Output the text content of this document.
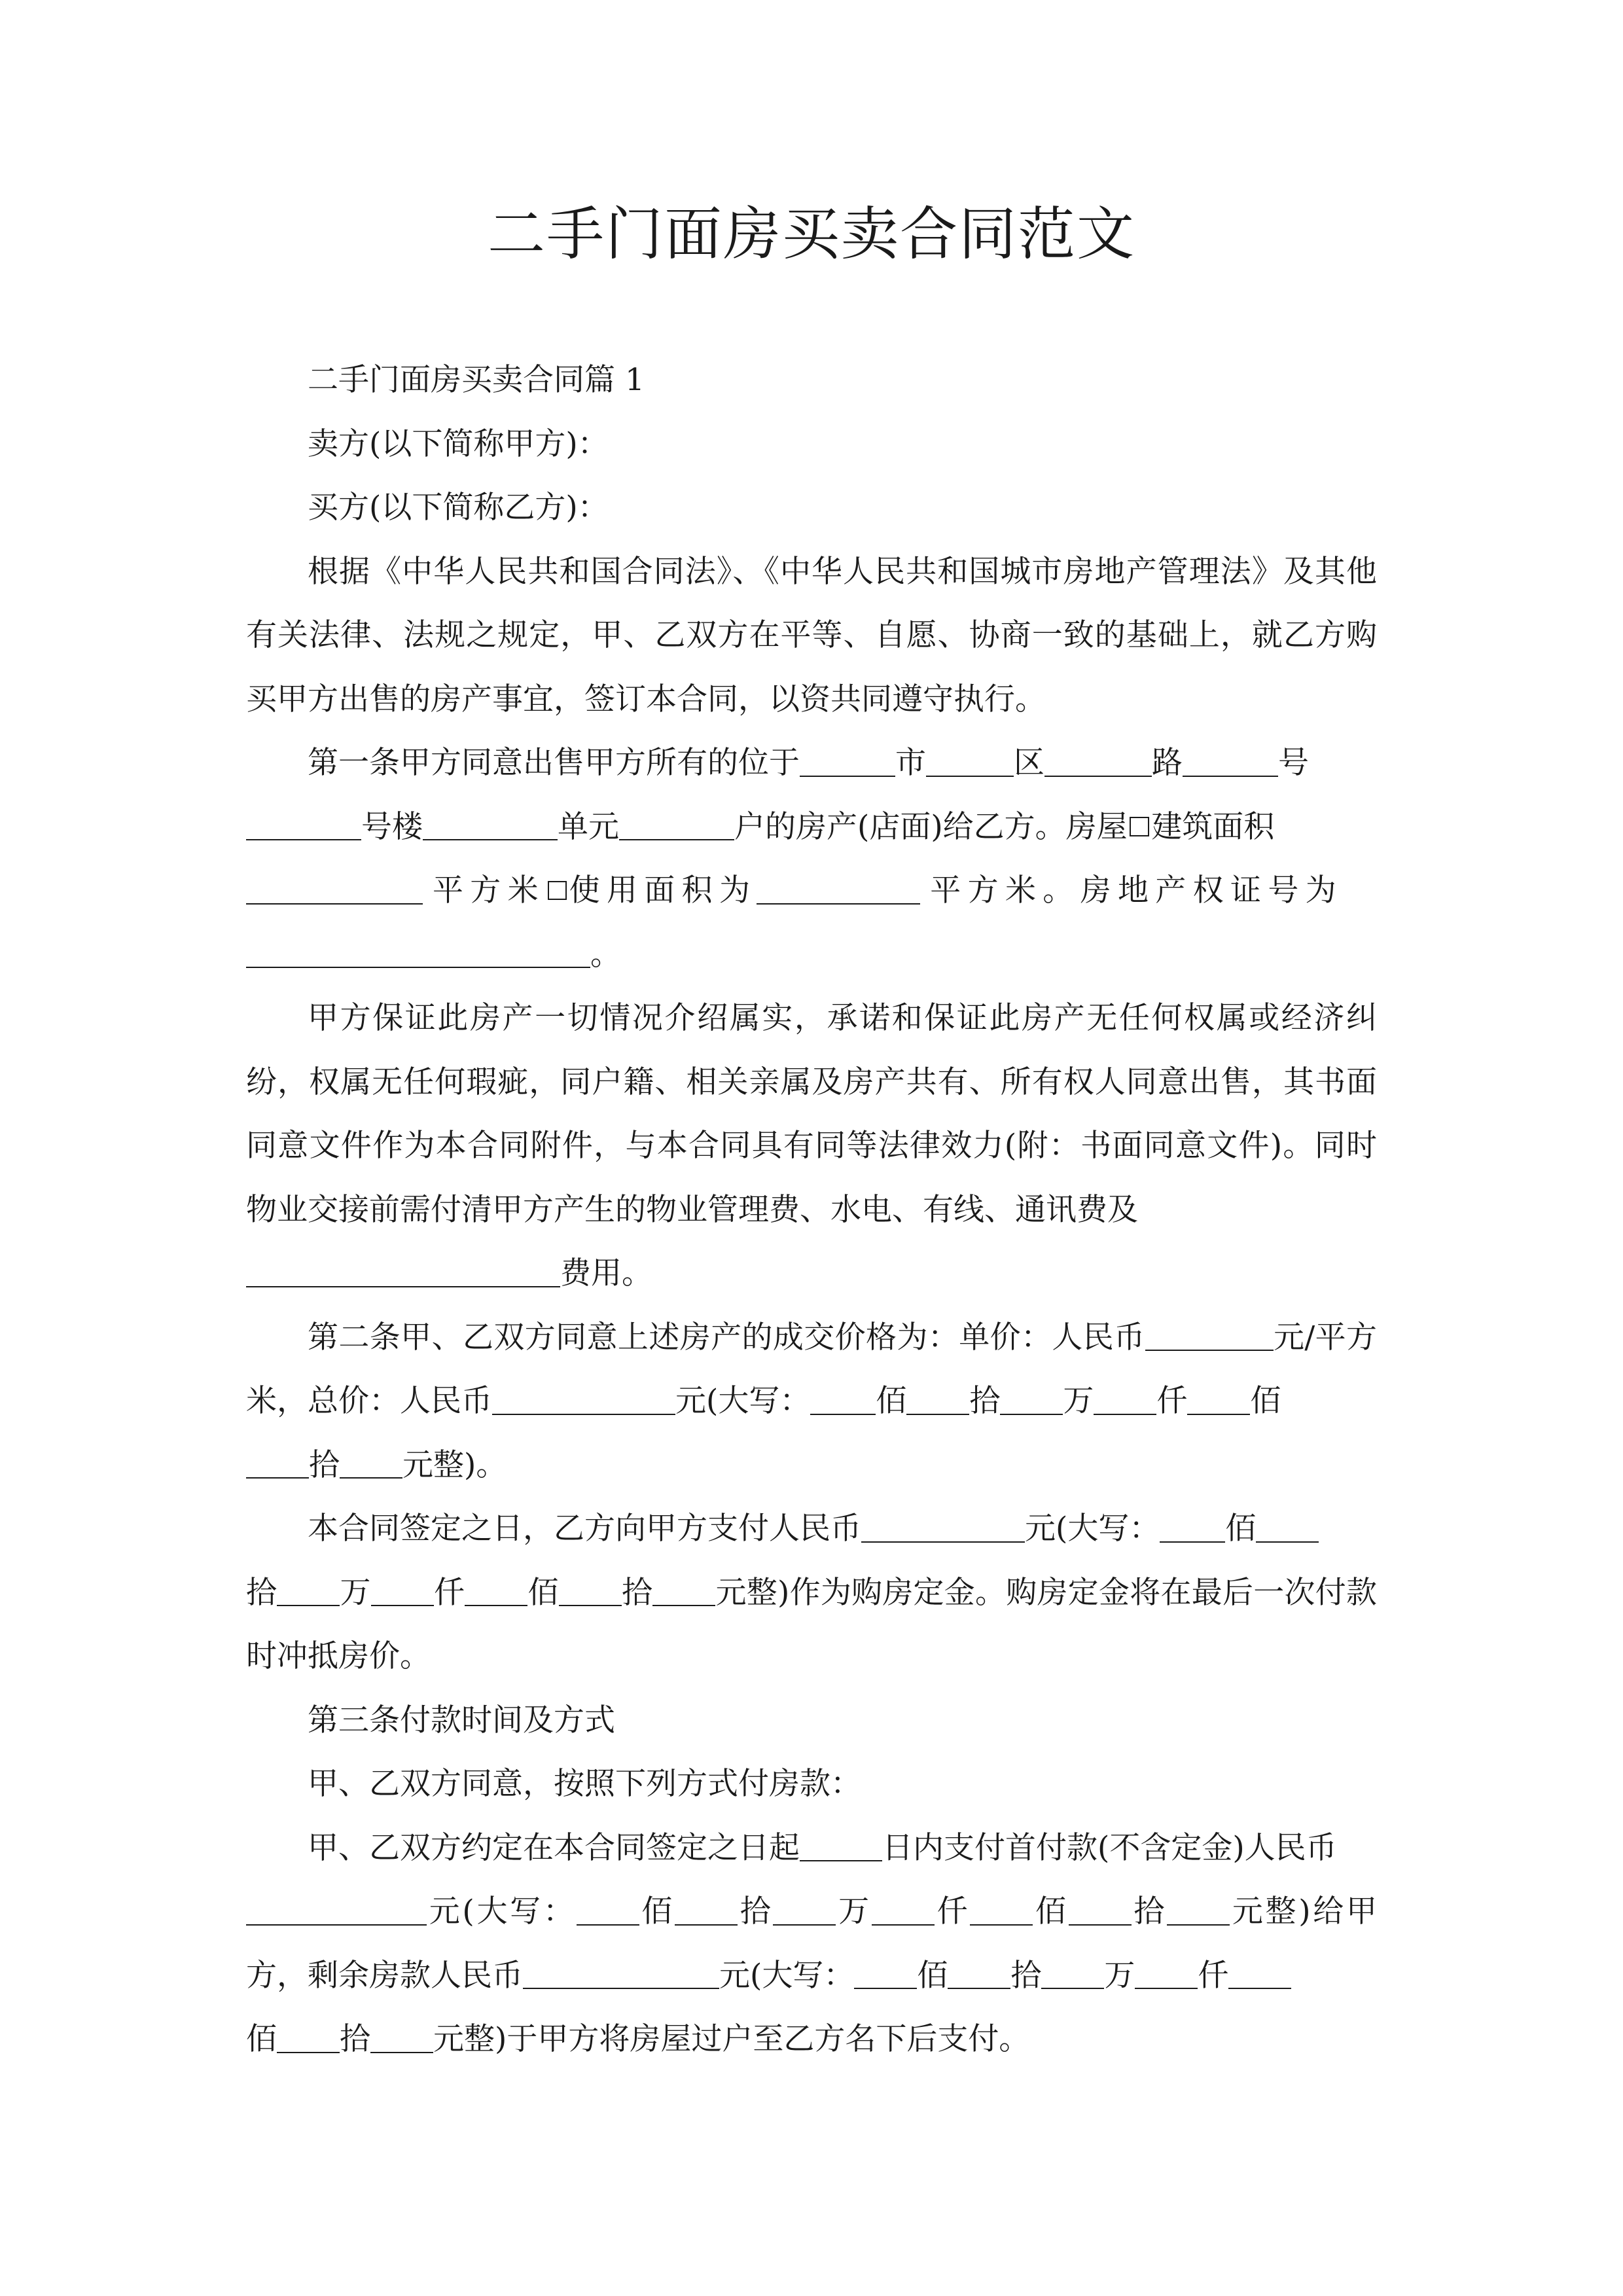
二手门面房买卖合同范文

二手门面房买卖合同篇 1

卖方(以下简称甲方)：

买方(以下简称乙方)：

根据《中华人民共和国合同法》、《中华人民共和国城市房地产管理法》及其他有关法律、法规之规定，甲、乙双方在平等、自愿、协商一致的基础上，就乙方购买甲方出售的房产事宜，签订本合同，以资共同遵守执行。

第一条甲方同意出售甲方所有的位于	市	区	路	号
号楼	单元	户的房产(店面)给乙方。房屋 建筑面积
平方米 使用面积为	平方米。房地产权证号为
。

甲方保证此房产一切情况介绍属实，承诺和保证此房产无任何权属或经济纠纷，权属无任何瑕疵，同户籍、相关亲属及房产共有、所有权人同意出售，其书面同意文件作为本合同附件，与本合同具有同等法律效力(附：书面同意文件)。同时物业交接前需付清甲方产生的物业管理费、水电、有线、通讯费及
费用。

第二条甲、乙双方同意上述房产的成交价格为：单价：人民币	元/平方米，总价：人民币	元(大写： 佰 拾 万 仟 佰
拾 元整)。

本合同签定之日，乙方向甲方支付人民币	元(大写： 佰
拾 万 仟 佰 拾 元整)作为购房定金。购房定金将在最后一次付款时冲抵房价。

第三条付款时间及方式

甲、乙双方同意，按照下列方式付房款：

甲、乙双方约定在本合同签定之日起	日内支付首付款(不含定金)人民币
元(大写： 佰 拾 万 仟 佰 拾 元整)给甲方，剩余房款人民币	元(大写： 佰 拾 万 仟
佰 拾 元整)于甲方将房屋过户至乙方名下后支付。
